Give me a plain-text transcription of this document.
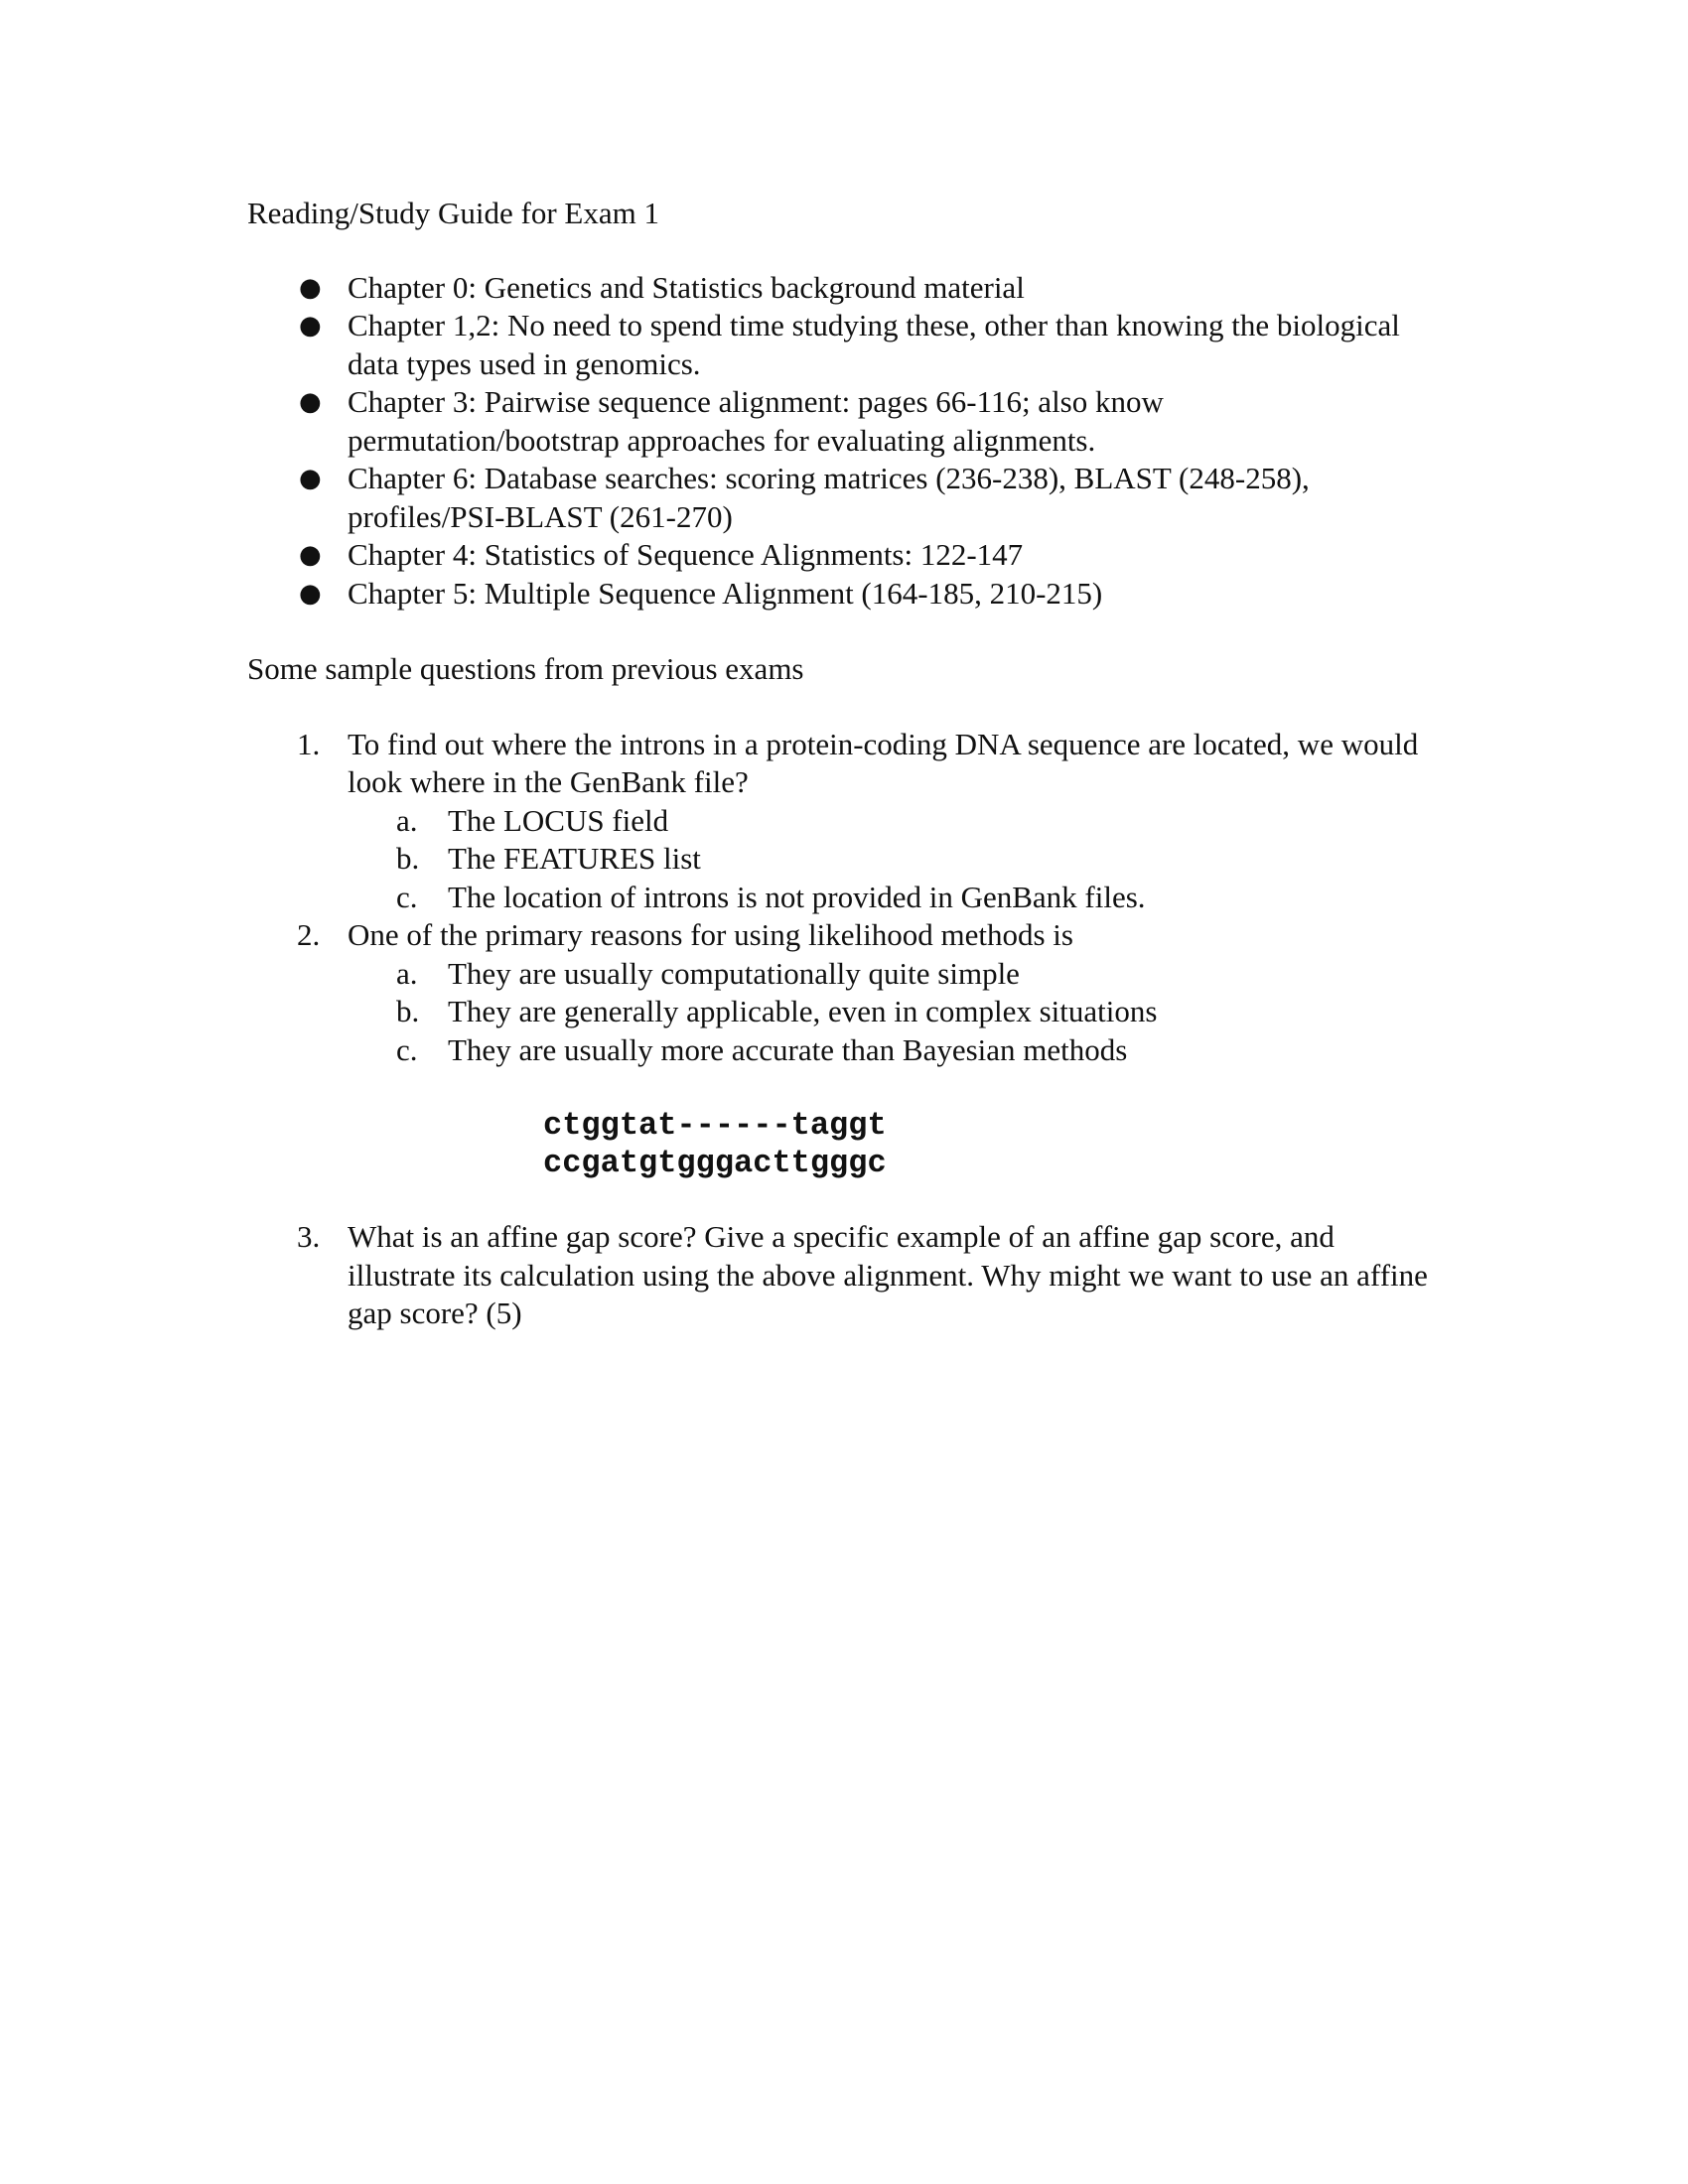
Reading/Study Guide for Exam 1

● Chapter 0: Genetics and Statistics background material
● Chapter 1,2: No need to spend time studying these, other than knowing the biological data types used in genomics.
● Chapter 3: Pairwise sequence alignment: pages 66-116; also know permutation/bootstrap approaches for evaluating alignments.
● Chapter 6: Database searches: scoring matrices (236-238), BLAST (248-258), profiles/PSI-BLAST (261-270)
● Chapter 4: Statistics of Sequence Alignments: 122-147
● Chapter 5: Multiple Sequence Alignment (164-185, 210-215)

Some sample questions from previous exams

1. To find out where the introns in a protein-coding DNA sequence are located, we would look where in the GenBank file?
a. The LOCUS field
b. The FEATURES list
c. The location of introns is not provided in GenBank files.
2. One of the primary reasons for using likelihood methods is
a. They are usually computationally quite simple
b. They are generally applicable, even in complex situations
c. They are usually more accurate than Bayesian methods
ctggtat------taggt
ccgatgtgggacttgggc
3. What is an affine gap score? Give a specific example of an affine gap score, and illustrate its calculation using the above alignment. Why might we want to use an affine gap score? (5)
